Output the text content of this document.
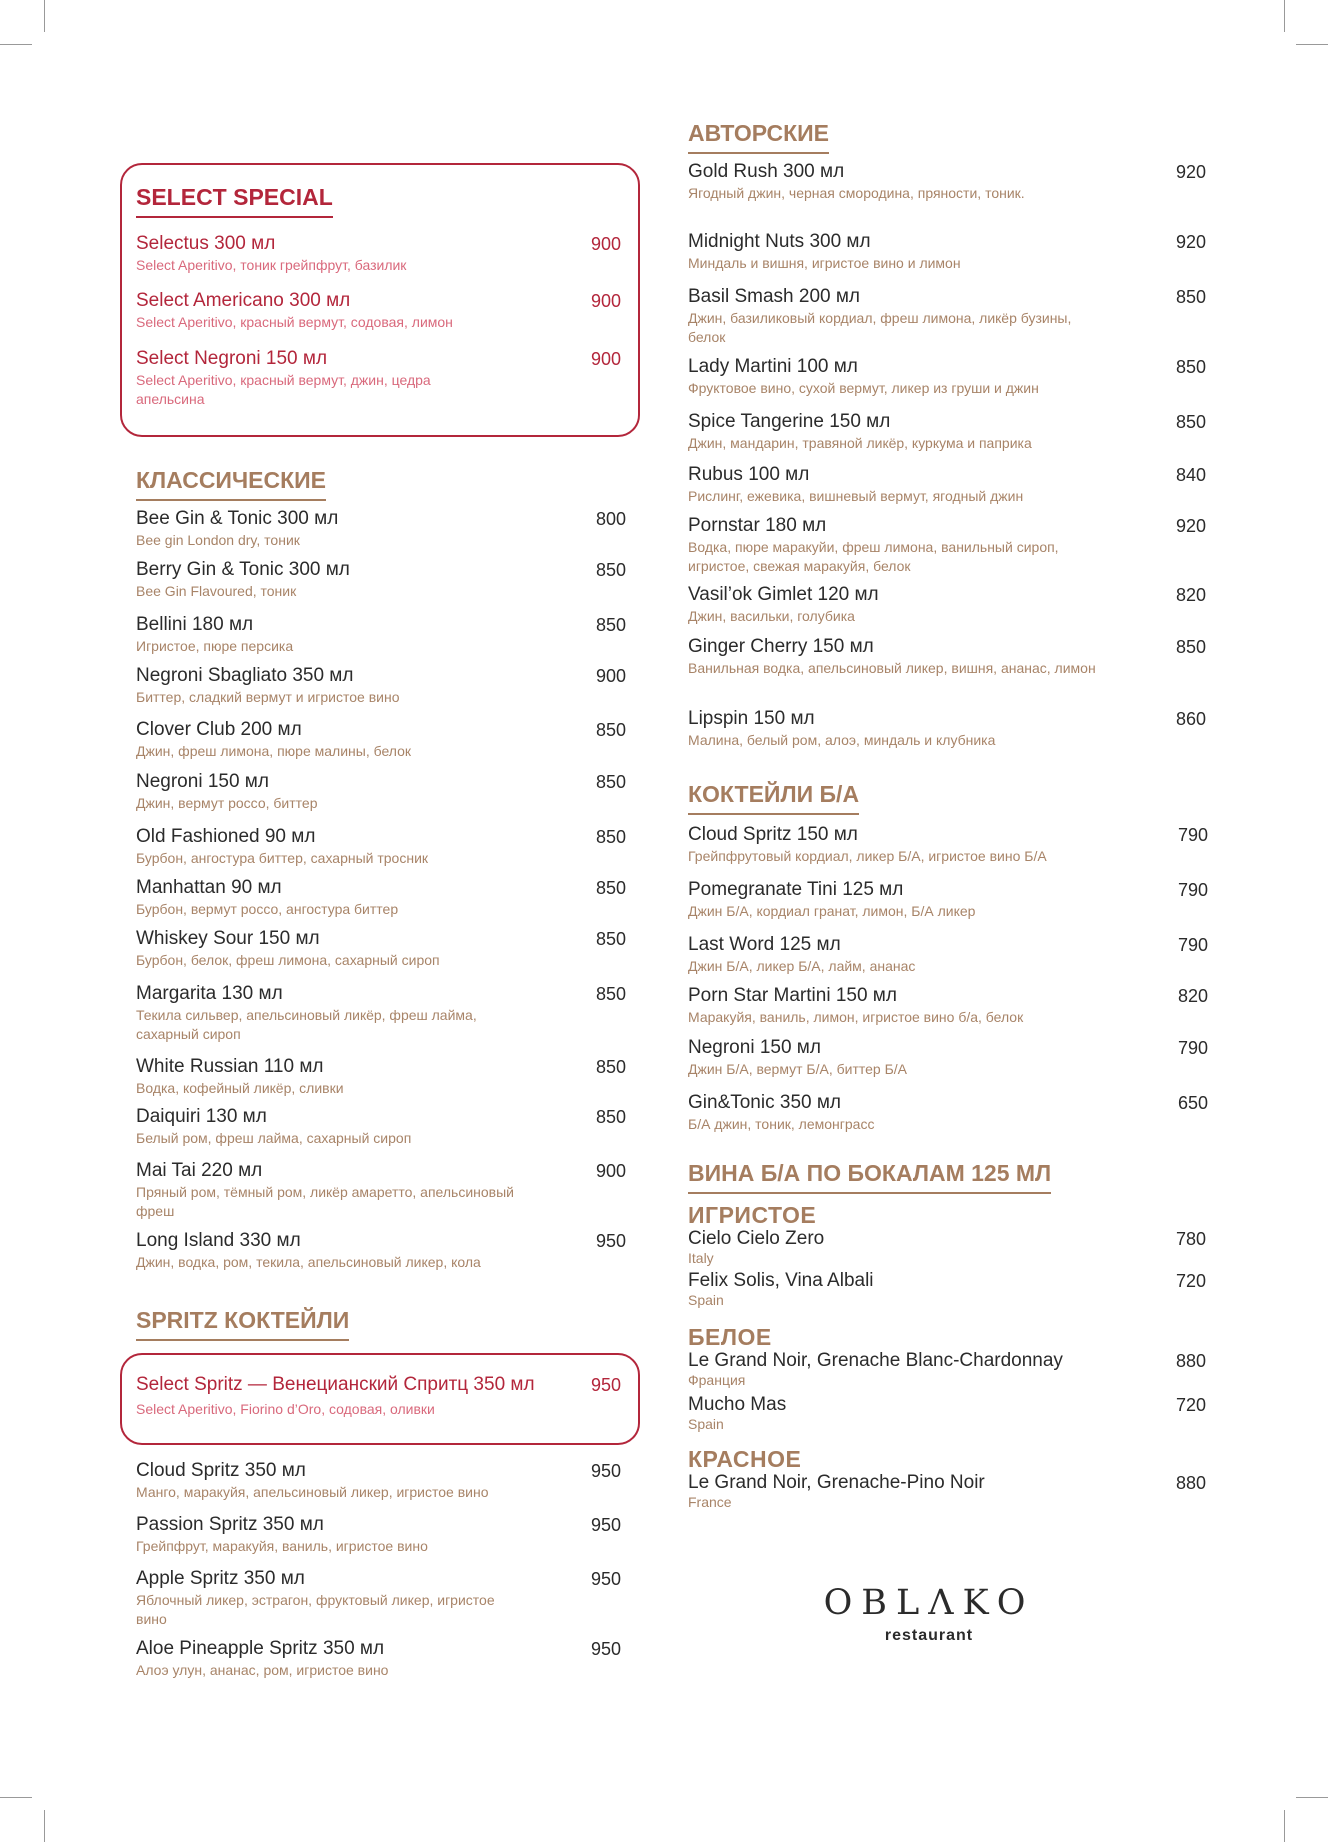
SELECT SPECIAL
Selectus 300 мл
Select Aperitivo, тоник грейпфрут, базилик
900
Select Americano 300 мл
Select Aperitivo, красный вермут, содовая, лимон
900
Select Negroni 150 мл
Select Aperitivo, красный вермут, джин, цедра апельсина
900
КЛАССИЧЕСКИЕ
Bee Gin & Tonic 300 мл
Bee gin London dry, тоник
800
Berry Gin & Tonic 300 мл
Bee Gin Flavoured, тоник
850
Bellini 180 мл
Игристое, пюре персика
850
Negroni Sbagliato 350 мл
Биттер, сладкий вермут и игристое вино
900
Clover Club 200 мл
Джин, фреш лимона, пюре малины, белок
850
Negroni 150 мл
Джин, вермут россо, биттер
850
Old Fashioned 90 мл
Бурбон, ангостура биттер, сахарный тросник
850
Manhattan 90 мл
Бурбон, вермут россо, ангостура биттер
850
Whiskey Sour 150 мл
Бурбон, белок, фреш лимона, сахарный сироп
850
Margarita 130 мл
Текила сильвер, апельсиновый ликёр, фреш лайма, сахарный сироп
850
White Russian 110 мл
Водка, кофейный ликёр, сливки
850
Daiquiri 130 мл
Белый ром, фреш лайма, сахарный сироп
850
Mai Tai 220 мл
Пряный ром, тёмный ром, ликёр амаретто, апельсиновый фреш
900
Long Island 330 мл
Джин, водка, ром, текила, апельсиновый ликер, кола
950
SPRITZ КОКТЕЙЛИ
Select Spritz — Венецианский Спритц 350 мл
Select Aperitivo, Fiorino d’Oro, содовая, оливки
950
Cloud Spritz 350 мл
Манго, маракуйя, апельсиновый ликер, игристое вино
950
Passion Spritz 350 мл
Грейпфрут, маракуйя, ваниль, игристое вино
950
Apple Spritz 350 мл
Яблочный ликер, эстрагон, фруктовый ликер, игристое вино
950
Aloe Pineapple Spritz 350 мл
Алоэ улун, ананас, ром, игристое вино
950
АВТОРСКИЕ
Gold Rush 300 мл
Ягодный джин, черная смородина, пряности, тоник.
920
Midnight Nuts 300 мл
Миндаль и вишня, игристое вино и лимон
920
Basil Smash 200 мл
Джин, базиликовый кордиал, фреш лимона, ликёр бузины, белок
850
Lady Martini 100 мл
Фруктовое вино, сухой вермут, ликер из груши и джин
850
Spice Tangerine 150 мл
Джин, мандарин, травяной ликёр, куркума и паприка
850
Rubus 100 мл
Рислинг, ежевика, вишневый вермут, ягодный джин
840
Pornstar 180 мл
Водка, пюре маракуйи, фреш лимона, ванильный сироп, игристое, свежая маракуйя, белок
920
Vasil’ok Gimlet 120 мл
Джин, васильки, голубика
820
Ginger Cherry 150 мл
Ванильная водка, апельсиновый ликер, вишня, ананас, лимон
850
Lipspin 150 мл
Малина, белый ром, алоэ, миндаль и клубника
860
КОКТЕЙЛИ Б/А
Cloud Spritz 150 мл
Грейпфрутовый кордиал, ликер Б/А, игристое вино Б/А
790
Pomegranate Tini 125 мл
Джин Б/А, кордиал гранат, лимон, Б/А ликер
790
Last Word 125 мл
Джин Б/А, ликер Б/А, лайм, ананас
790
Porn Star Martini 150 мл
Маракуйя, ваниль, лимон, игристое вино б/а, белок
820
Negroni 150 мл
Джин Б/А, вермут Б/А, биттер Б/А
790
Gin&Tonic 350 мл
Б/А джин, тоник, лемонграсс
650
ВИНА Б/А ПО БОКАЛАМ 125 МЛ
ИГРИСТОЕ
Cielo Cielo Zero
Italy
780
Felix Solis, Vina Albali
Spain
720
БЕЛОЕ
Le Grand Noir, Grenache Blanc-Chardonnay
Франция
880
Mucho Mas
Spain
720
КРАСНОЕ
Le Grand Noir, Grenache-Pino Noir
France
880
OBLΛKO
restaurant
